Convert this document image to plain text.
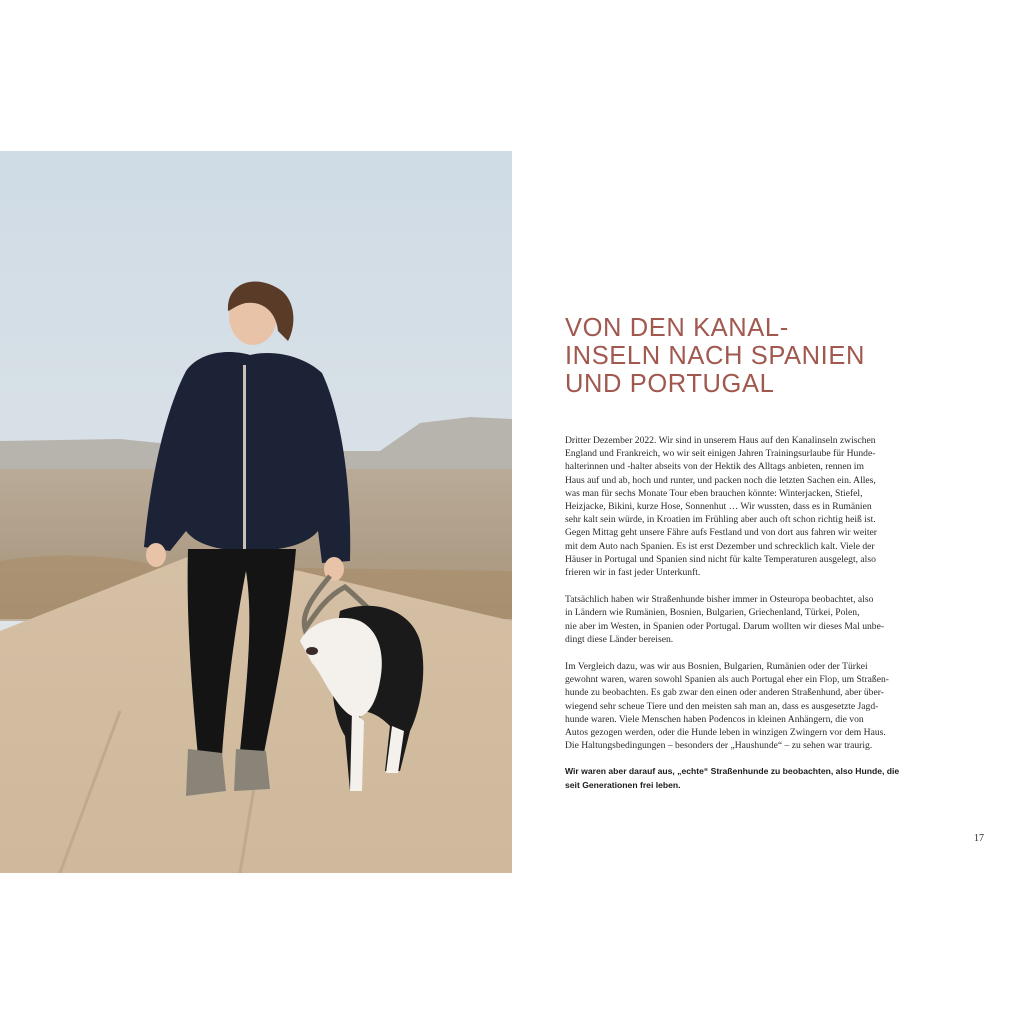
VON DEN KANAL-
INSELN NACH SPANIEN
UND PORTUGAL

Dritter Dezember 2022. Wir sind in unserem Haus auf den Kanalinseln zwischen
England und Frankreich, wo wir seit einigen Jahren Trainingsurlaube für Hunde-
halterinnen und -halter abseits von der Hektik des Alltags anbieten, rennen im
Haus auf und ab, hoch und runter, und packen noch die letzten Sachen ein. Alles,
was man für sechs Monate Tour eben brauchen könnte: Winterjacken, Stiefel,
Heizjacke, Bikini, kurze Hose, Sonnenhut … Wir wussten, dass es in Rumänien
sehr kalt sein würde, in Kroatien im Frühling aber auch oft schon richtig heiß ist.
Gegen Mittag geht unsere Fähre aufs Festland und von dort aus fahren wir weiter
mit dem Auto nach Spanien. Es ist erst Dezember und schrecklich kalt. Viele der
Häuser in Portugal und Spanien sind nicht für kalte Temperaturen ausgelegt, also
frieren wir in fast jeder Unterkunft.

Tatsächlich haben wir Straßenhunde bisher immer in Osteuropa beobachtet, also
in Ländern wie Rumänien, Bosnien, Bulgarien, Griechenland, Türkei, Polen,
nie aber im Westen, in Spanien oder Portugal. Darum wollten wir dieses Mal unbe-
dingt diese Länder bereisen.

Im Vergleich dazu, was wir aus Bosnien, Bulgarien, Rumänien oder der Türkei
gewohnt waren, waren sowohl Spanien als auch Portugal eher ein Flop, um Straßen-
hunde zu beobachten. Es gab zwar den einen oder anderen Straßenhund, aber über-
wiegend sehr scheue Tiere und den meisten sah man an, dass es ausgesetzte Jagd-
hunde waren. Viele Menschen haben Podencos in kleinen Anhängern, die von
Autos gezogen werden, oder die Hunde leben in winzigen Zwingern vor dem Haus.
Die Haltungsbedingungen – besonders der „Haushunde“ – zu sehen war traurig.

Wir waren aber darauf aus, „echte“ Straßenhunde zu beobachten, also Hunde, die
seit Generationen frei leben.

17
